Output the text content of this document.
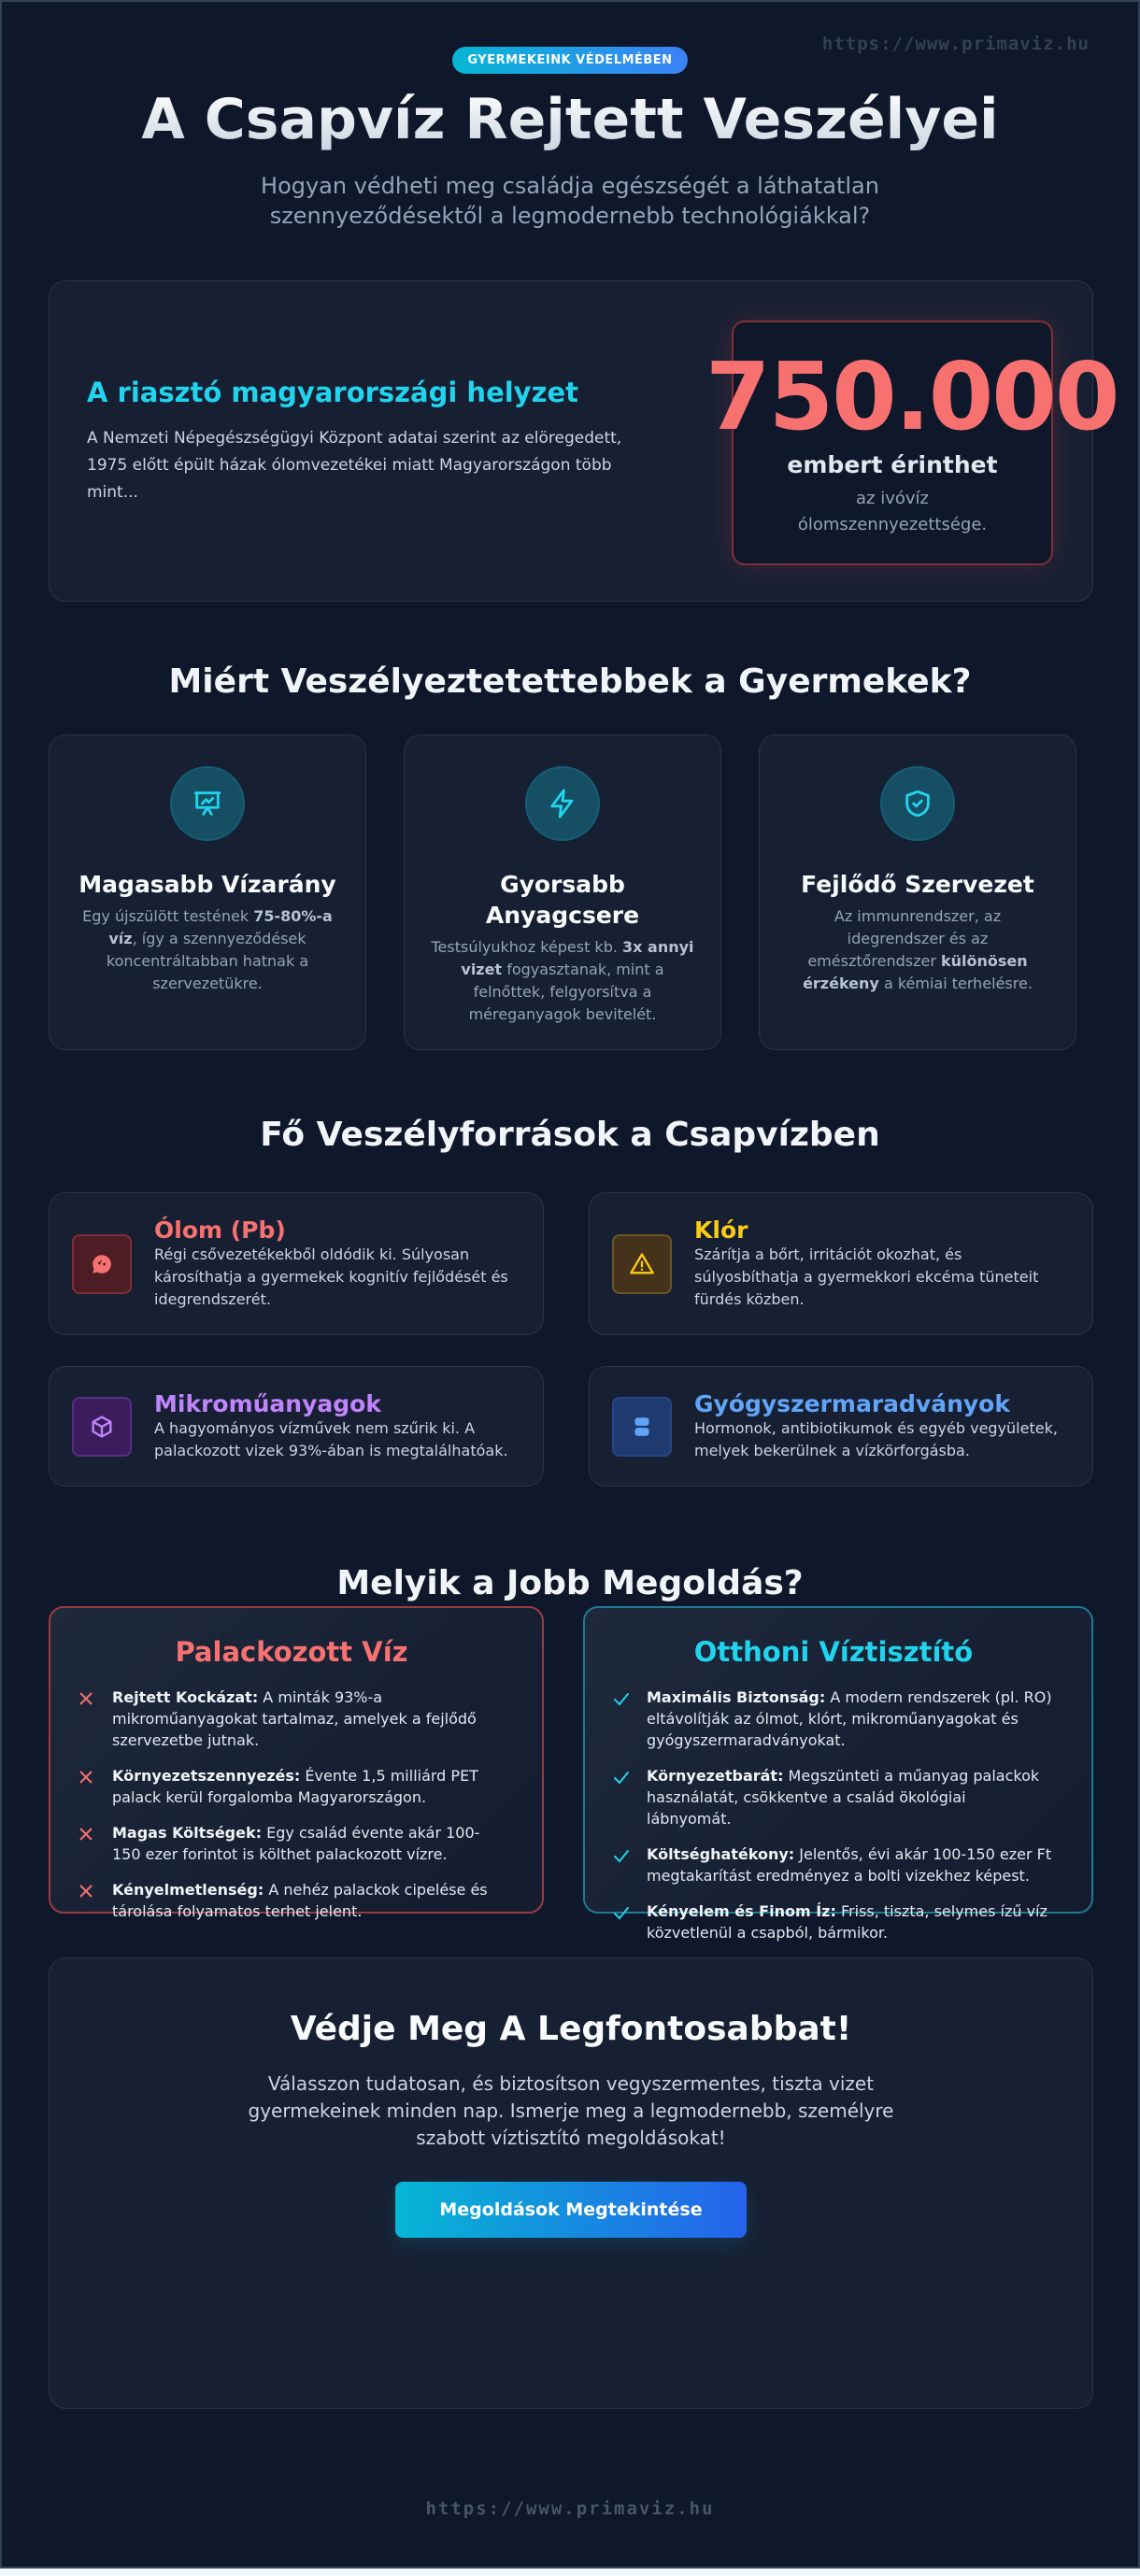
https://www.primaviz.hu
GYERMEKEINK VÉDELMÉBEN
A Csapvíz Rejtett Veszélyei

Hogyan védheti meg családja egészségét a láthatatlan szennyeződésektől a legmodernebb technológiákkal?

A riasztó magyarországi helyzet

A Nemzeti Népegészségügyi Központ adatai szerint az elöregedett, 1975 előtt épült házak ólomvezetékei miatt Magyarországon több mint...

750.000
embert érinthet
az ivóvíz ólomszennyezettsége.
Miért Veszélyeztetettebbek a Gyermekek?
Magasabb Vízarány

Egy újszülött testének 75-80%-a víz, így a szennyeződések koncentráltabban hatnak a szervezetükre.

Gyorsabb Anyagcsere

Testsúlyukhoz képest kb. 3x annyi vizet fogyasztanak, mint a felnőttek, felgyorsítva a méreganyagok bevitelét.

Fejlődő Szervezet

Az immunrendszer, az idegrendszer és az emésztőrendszer különösen érzékeny a kémiai terhelésre.

Fő Veszélyforrások a Csapvízben
Ólom (Pb)

Régi csővezetékekből oldódik ki. Súlyosan károsíthatja a gyermekek kognitív fejlődését és idegrendszerét.

Klór

Szárítja a bőrt, irritációt okozhat, és súlyosbíthatja a gyermekkori ekcéma tüneteit fürdés közben.

Mikroműanyagok

A hagyományos vízművek nem szűrik ki. A palackozott vizek 93%-ában is megtalálhatóak.

Gyógyszermaradványok

Hormonok, antibiotikumok és egyéb vegyületek, melyek bekerülnek a vízkörforgásba.

Melyik a Jobb Megoldás?
Palackozott Víz
Rejtett Kockázat: A minták 93%-a mikroműanyagokat tartalmaz, amelyek a fejlődő szervezetbe jutnak.
Környezetszennyezés: Évente 1,5 milliárd PET palack kerül forgalomba Magyarországon.
Magas Költségek: Egy család évente akár 100-150 ezer forintot is költhet palackozott vízre.
Kényelmetlenség: A nehéz palackok cipelése és tárolása folyamatos terhet jelent.
Otthoni Víztisztító
Maximális Biztonság: A modern rendszerek (pl. RO) eltávolítják az ólmot, klórt, mikroműanyagokat és gyógyszermaradványokat.
Környezetbarát: Megszünteti a műanyag palackok használatát, csökkentve a család ökológiai lábnyomát.
Költséghatékony: Jelentős, évi akár 100-150 ezer Ft megtakarítást eredményez a bolti vizekhez képest.
Kényelem és Finom Íz: Friss, tiszta, selymes ízű víz közvetlenül a csapból, bármikor.
Védje Meg A Legfontosabbat!

Válasszon tudatosan, és biztosítson vegyszermentes, tiszta vizet gyermekeinek minden nap. Ismerje meg a legmodernebb, személyre szabott víztisztító megoldásokat!

Megoldások Megtekintése
https://www.primaviz.hu
